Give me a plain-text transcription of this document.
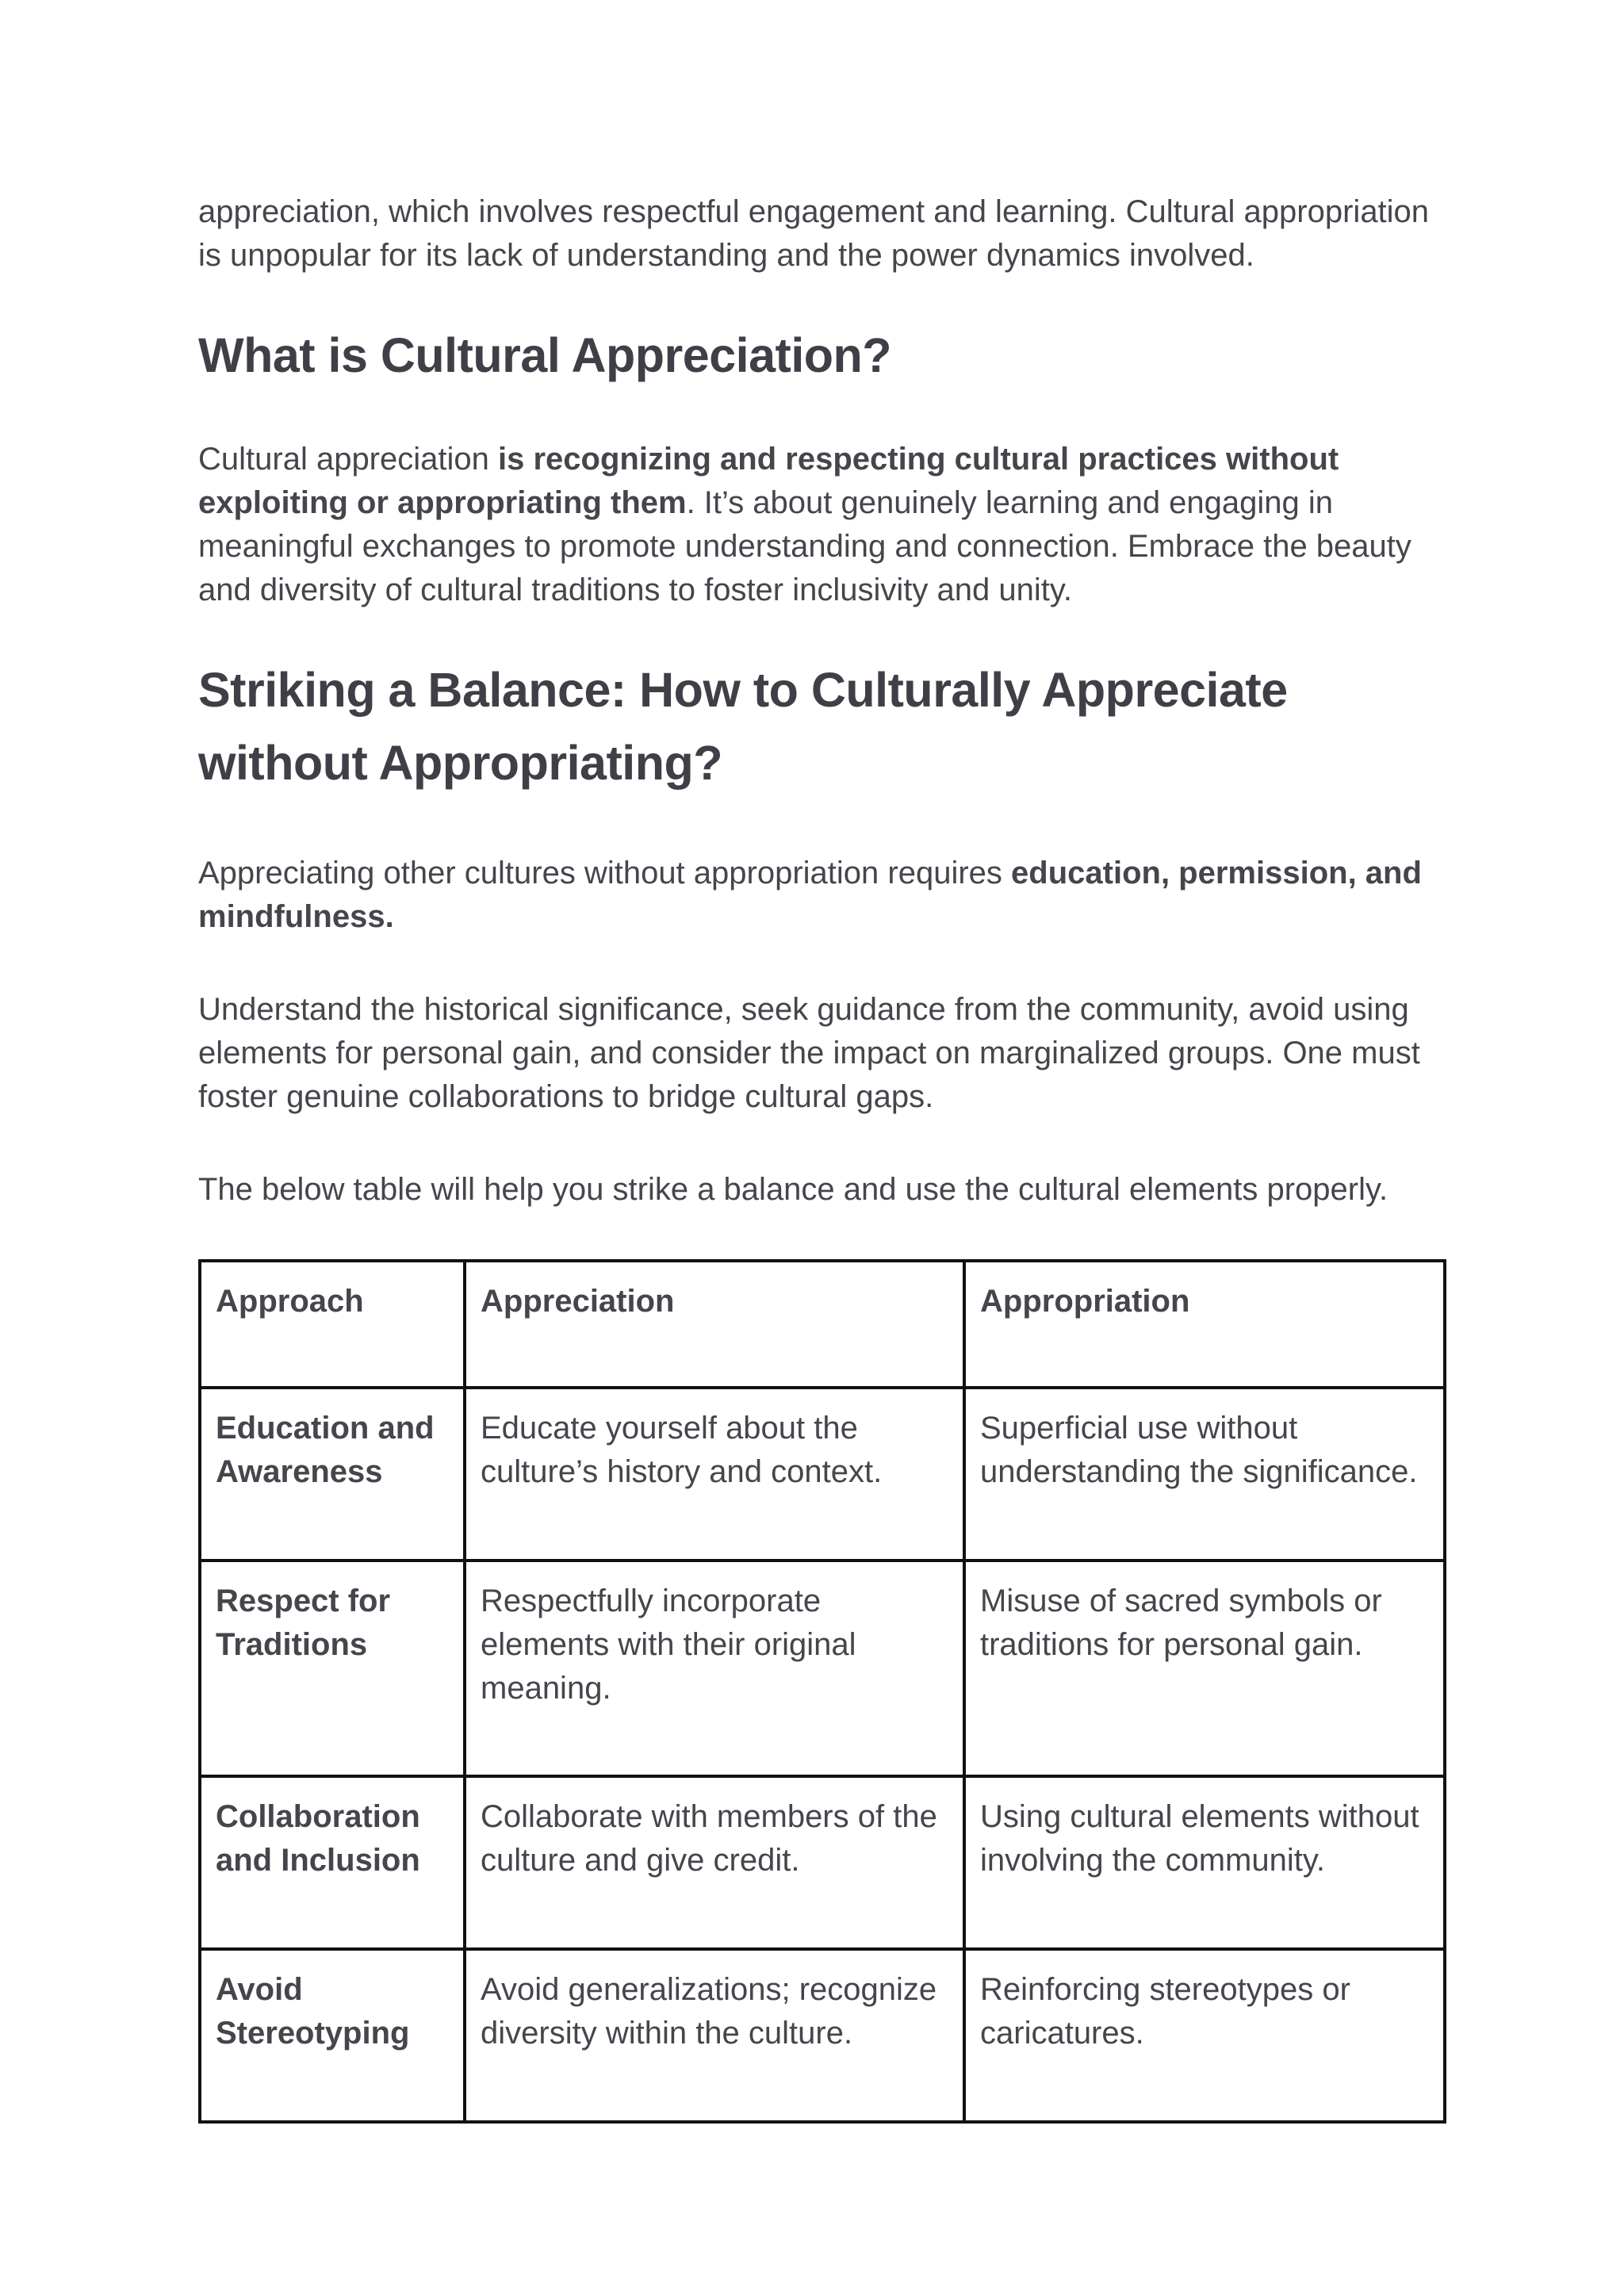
appreciation, which involves respectful engagement and learning. Cultural appropriation is unpopular for its lack of understanding and the power dynamics involved.

What is Cultural Appreciation?

Cultural appreciation is recognizing and respecting cultural practices without exploiting or appropriating them. It’s about genuinely learning and engaging in meaningful exchanges to promote understanding and connection. Embrace the beauty and diversity of cultural traditions to foster inclusivity and unity.

Striking a Balance: How to Culturally Appreciate without Appropriating?

Appreciating other cultures without appropriation requires education, permission, and mindfulness.

Understand the historical significance, seek guidance from the community, avoid using elements for personal gain, and consider the impact on marginalized groups. One must foster genuine collaborations to bridge cultural gaps.

The below table will help you strike a balance and use the cultural elements properly.

Approach	Appreciation	Appropriation
Education and Awareness	Educate yourself about the culture’s history and context.	Superficial use without understanding the significance.
Respect for Traditions	Respectfully incorporate elements with their original meaning.	Misuse of sacred symbols or traditions for personal gain.
Collaboration and Inclusion	Collaborate with members of the culture and give credit.	Using cultural elements without involving the community.
Avoid Stereotyping	Avoid generalizations; recognize diversity within the culture.	Reinforcing stereotypes or caricatures.
